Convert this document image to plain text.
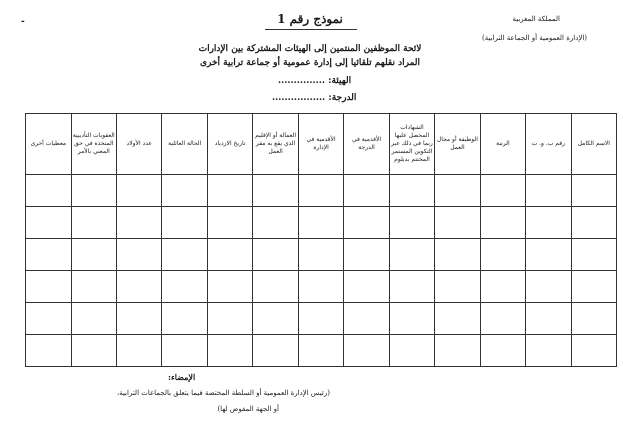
-	المملكة المغربية
(الإدارة العمومية أو الجماعة الترابية)
نموذج رقم 1
لائحة الموظفين المنتمين إلى الهيئات المشتركة بين الإدارات
المراد نقلهم تلقائيا إلى إدارة عمومية أو جماعة ترابية أخرى
الهيئة: ...............
الدرجة: .................
الاسم الكامل	رقم ب. و. ت	الرتبة	الوظيفة أو مجال العمل	الشهادات المحصل عليها ربما في ذلك عبر التكوين المستمر المختتم بدبلوم	الأقدمية في الدرجة	الأقدمية في الإدارة	العمالة أو الإقليم الذي يقع به مقر العمل	تاريخ الازدياد	الحالة العائلية	عدد الأولاد	العقوبات التأديبية المتخذة في حق المعني بالأمر	معطيات أخرى

الإمضاء:
(رئيس الإدارة العمومية أو السلطة المختصة فيما يتعلق بالجماعات الترابية،
أو الجهة المفوض لها)
